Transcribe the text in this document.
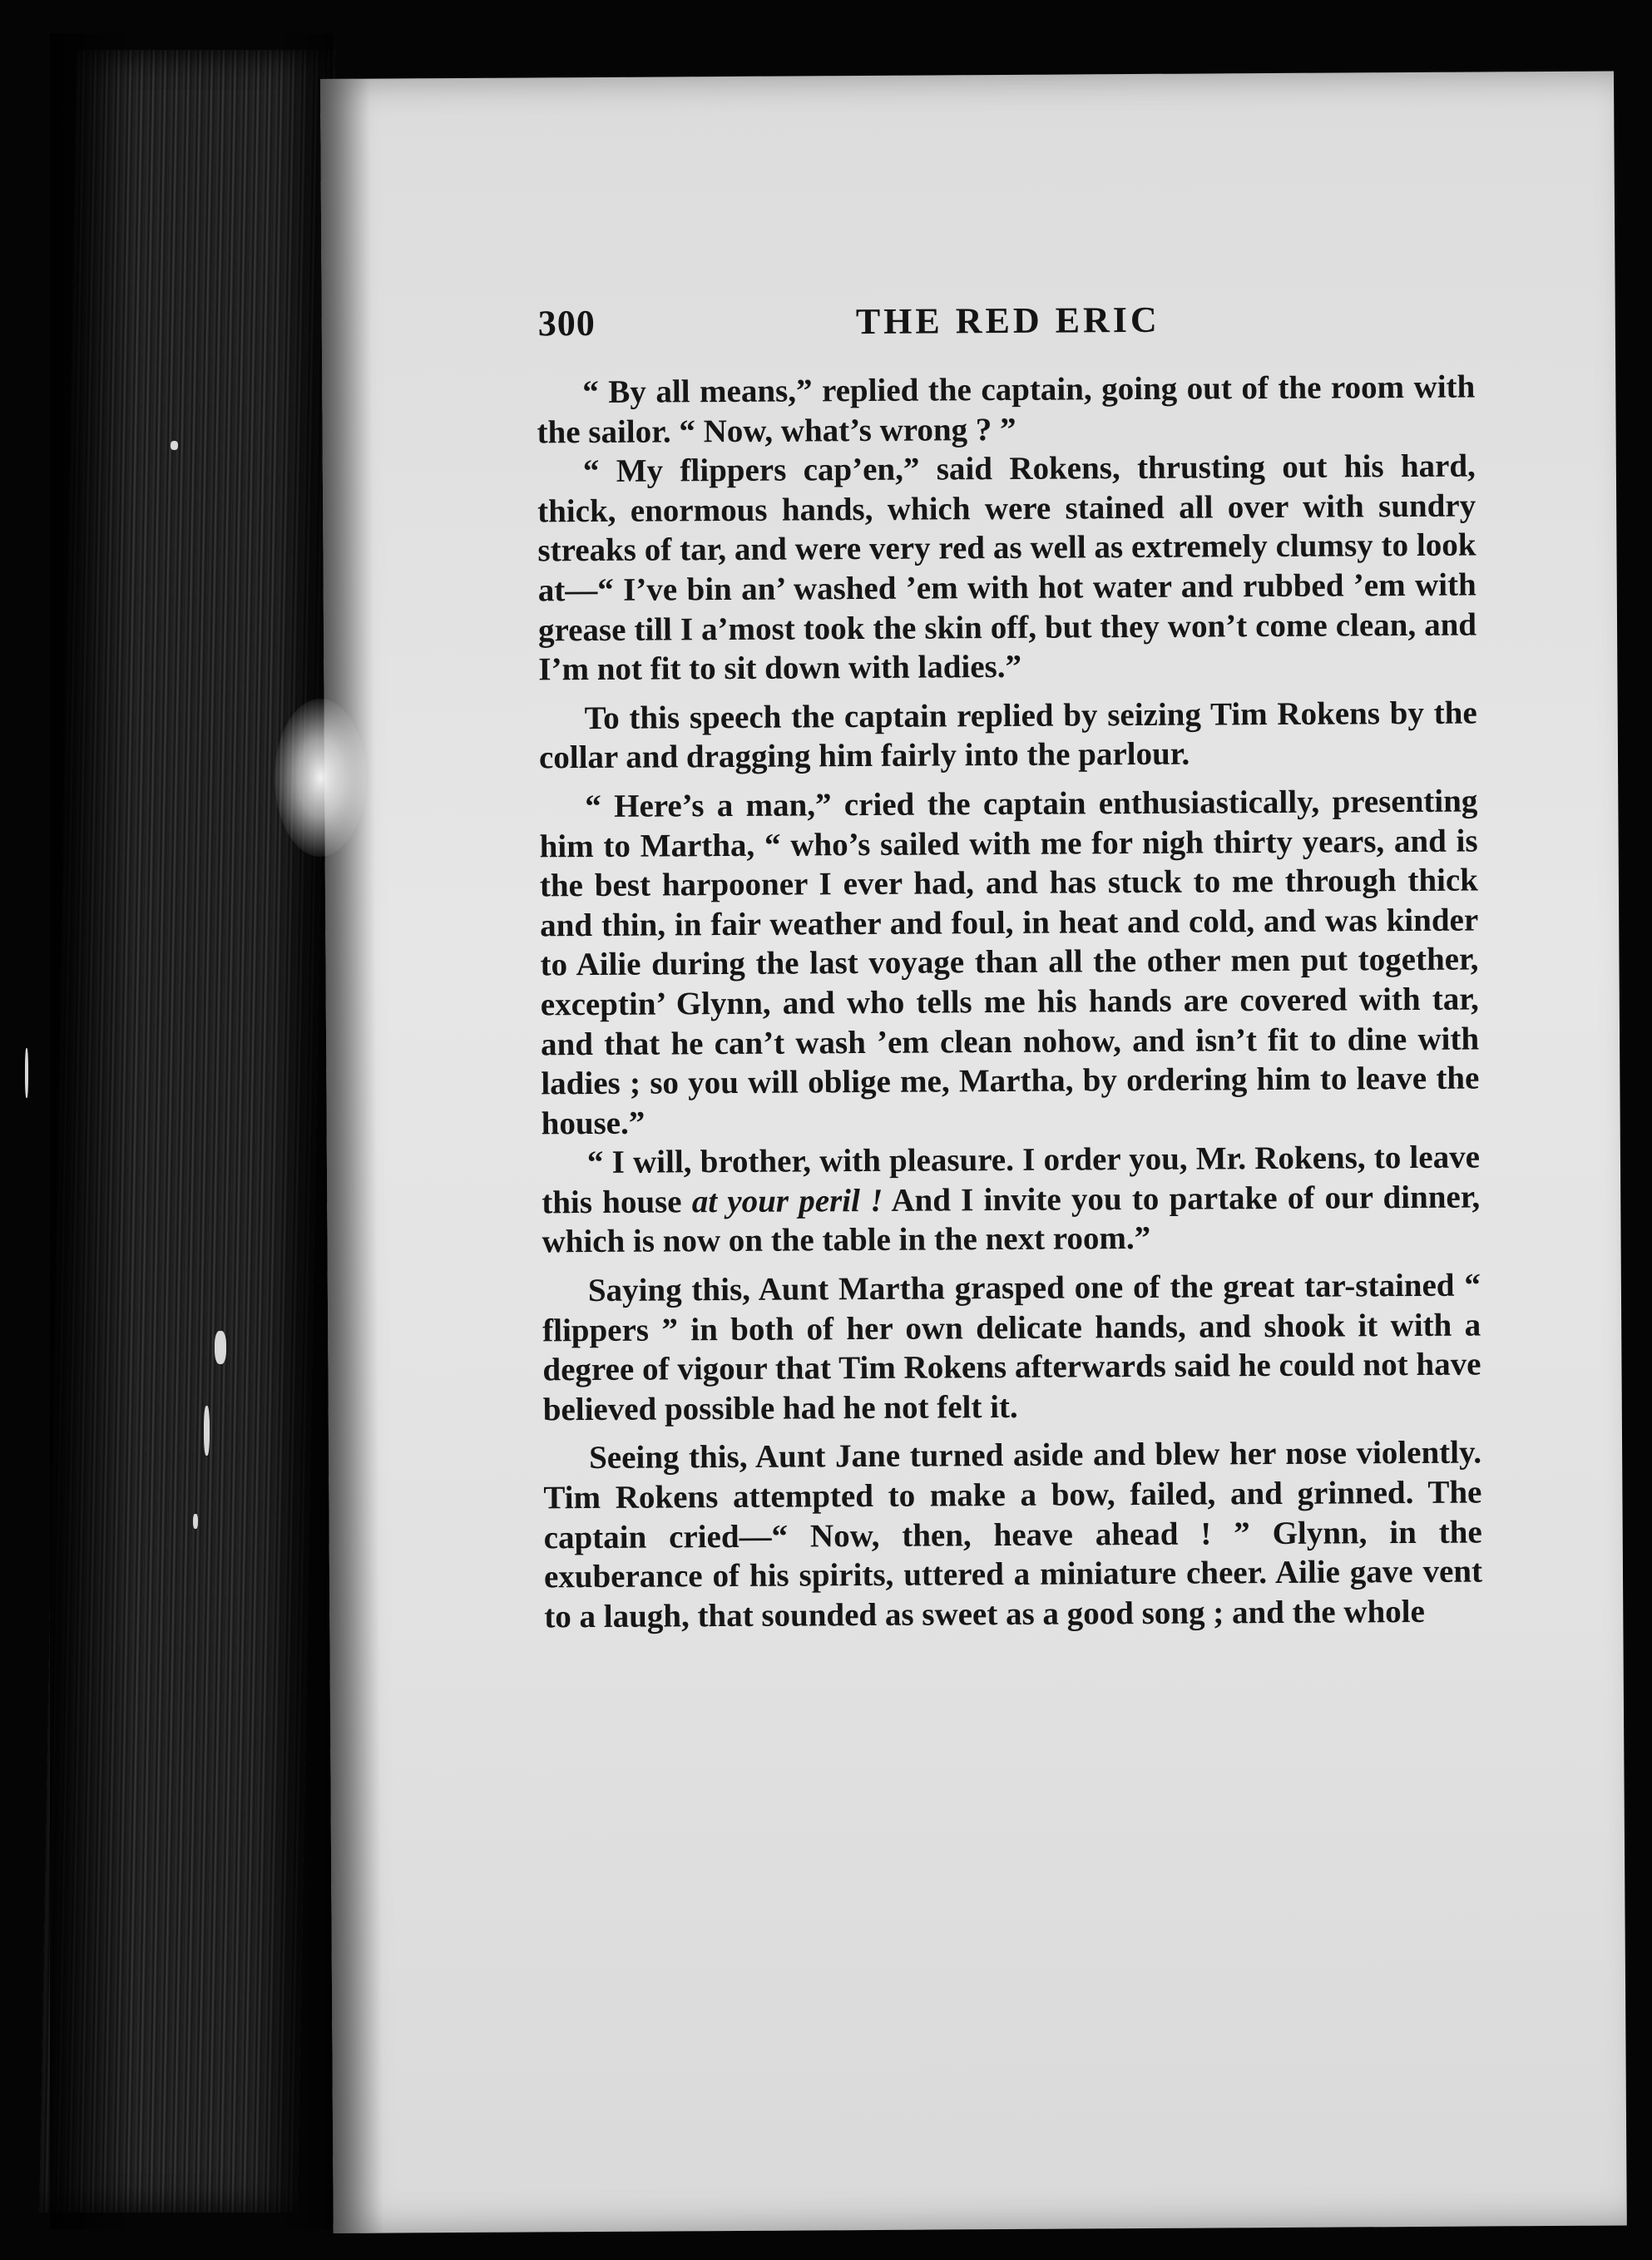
300	THE RED ERIC

“ By all means,” replied the captain, going out of the room with the sailor. “ Now, what’s wrong ? ”

“ My flippers cap’en,” said Rokens, thrusting out his hard, thick, enormous hands, which were stained all over with sundry streaks of tar, and were very red as well as extremely clumsy to look at—“ I’ve bin an’ washed ’em with hot water and rubbed ’em with grease till I a’most took the skin off, but they won’t come clean, and I’m not fit to sit down with ladies.”

To this speech the captain replied by seizing Tim Rokens by the collar and dragging him fairly into the parlour.

“ Here’s a man,” cried the captain enthusiastically, presenting him to Martha, “ who’s sailed with me for nigh thirty years, and is the best harpooner I ever had, and has stuck to me through thick and thin, in fair weather and foul, in heat and cold, and was kinder to Ailie during the last voyage than all the other men put together, exceptin’ Glynn, and who tells me his hands are covered with tar, and that he can’t wash ’em clean nohow, and isn’t fit to dine with ladies ; so you will oblige me, Martha, by ordering him to leave the house.”

“ I will, brother, with pleasure. I order you, Mr. Rokens, to leave this house at your peril ! And I invite you to partake of our dinner, which is now on the table in the next room.”

Saying this, Aunt Martha grasped one of the great tar-stained “ flippers ” in both of her own delicate hands, and shook it with a degree of vigour that Tim Rokens afterwards said he could not have believed possible had he not felt it.

Seeing this, Aunt Jane turned aside and blew her nose violently. Tim Rokens attempted to make a bow, failed, and grinned. The captain cried—“ Now, then, heave ahead ! ” Glynn, in the exuberance of his spirits, uttered a miniature cheer. Ailie gave vent to a laugh, that sounded as sweet as a good song ; and the whole
